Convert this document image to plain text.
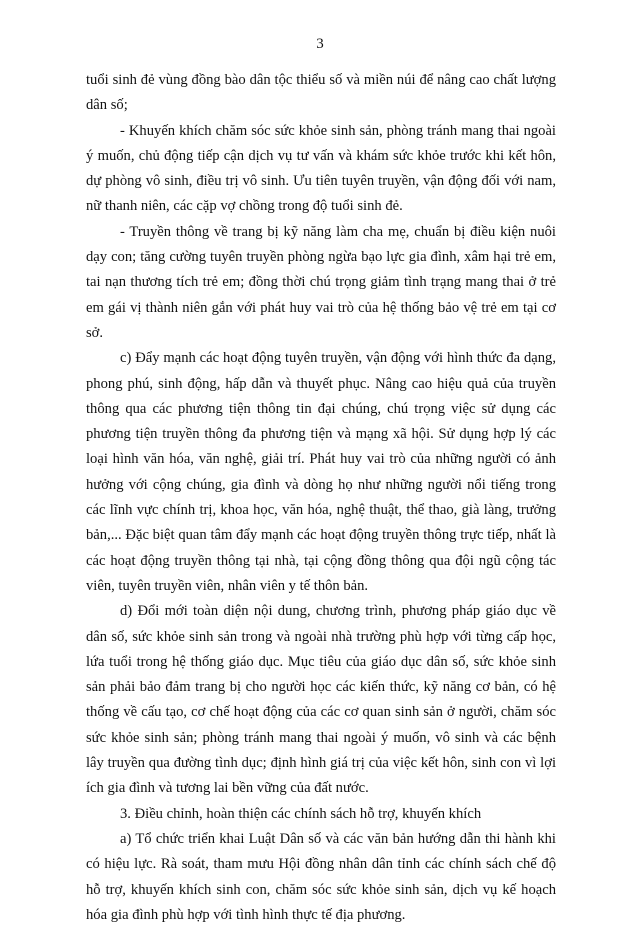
3

tuổi sinh đẻ vùng đồng bào dân tộc thiểu số và miền núi để nâng cao chất lượng dân số;

- Khuyến khích chăm sóc sức khỏe sinh sản, phòng tránh mang thai ngoài ý muốn, chủ động tiếp cận dịch vụ tư vấn và khám sức khỏe trước khi kết hôn, dự phòng vô sinh, điều trị vô sinh. Ưu tiên tuyên truyền, vận động đối với nam, nữ thanh niên, các cặp vợ chồng trong độ tuổi sinh đẻ.

- Truyền thông về trang bị kỹ năng làm cha mẹ, chuẩn bị điều kiện nuôi dạy con; tăng cường tuyên truyền phòng ngừa bạo lực gia đình, xâm hại trẻ em, tai nạn thương tích trẻ em; đồng thời chú trọng giảm tình trạng mang thai ở trẻ em gái vị thành niên gắn với phát huy vai trò của hệ thống bảo vệ trẻ em tại cơ sở.

c) Đẩy mạnh các hoạt động tuyên truyền, vận động với hình thức đa dạng, phong phú, sinh động, hấp dẫn và thuyết phục. Nâng cao hiệu quả của truyền thông qua các phương tiện thông tin đại chúng, chú trọng việc sử dụng các phương tiện truyền thông đa phương tiện và mạng xã hội. Sử dụng hợp lý các loại hình văn hóa, văn nghệ, giải trí. Phát huy vai trò của những người có ảnh hưởng với cộng chúng, gia đình và dòng họ như những người nổi tiếng trong các lĩnh vực chính trị, khoa học, văn hóa, nghệ thuật, thể thao, già làng, trưởng bản,... Đặc biệt quan tâm đẩy mạnh các hoạt động truyền thông trực tiếp, nhất là các hoạt động truyền thông tại nhà, tại cộng đồng thông qua đội ngũ cộng tác viên, tuyên truyền viên, nhân viên y tế thôn bản.

d) Đổi mới toàn diện nội dung, chương trình, phương pháp giáo dục về dân số, sức khỏe sinh sản trong và ngoài nhà trường phù hợp với từng cấp học, lứa tuổi trong hệ thống giáo dục. Mục tiêu của giáo dục dân số, sức khỏe sinh sản phải bảo đảm trang bị cho người học các kiến thức, kỹ năng cơ bản, có hệ thống về cấu tạo, cơ chế hoạt động của các cơ quan sinh sản ở người, chăm sóc sức khỏe sinh sản; phòng tránh mang thai ngoài ý muốn, vô sinh và các bệnh lây truyền qua đường tình dục; định hình giá trị của việc kết hôn, sinh con vì lợi ích gia đình và tương lai bền vững của đất nước.

3. Điều chỉnh, hoàn thiện các chính sách hỗ trợ, khuyến khích

a) Tổ chức triển khai Luật Dân số và các văn bản hướng dẫn thi hành khi có hiệu lực. Rà soát, tham mưu Hội đồng nhân dân tỉnh các chính sách chế độ hỗ trợ, khuyến khích sinh con, chăm sóc sức khỏe sinh sản, dịch vụ kế hoạch hóa gia đình phù hợp với tình hình thực tế địa phương.
